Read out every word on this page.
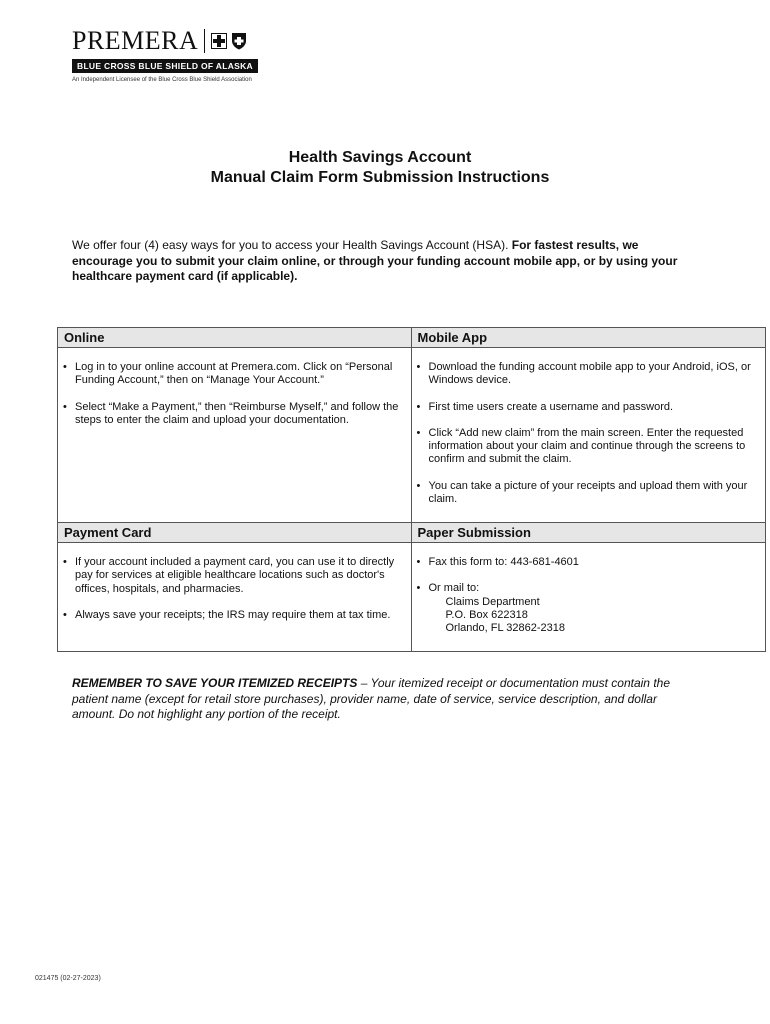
PREMERA
BLUE CROSS BLUE SHIELD OF ALASKA
An Independent Licensee of the Blue Cross Blue Shield Association
Health Savings Account
Manual Claim Form Submission Instructions
We offer four (4) easy ways for you to access your Health Savings Account (HSA). For fastest results, we encourage you to submit your claim online, or through your funding account mobile app, or by using your healthcare payment card (if applicable).
Online
• Log in to your online account at Premera.com. Click on “Personal Funding Account,” then on “Manage Your Account.”
• Select “Make a Payment,” then “Reimburse Myself,” and follow the steps to enter the claim and upload your documentation.
Mobile App
• Download the funding account mobile app to your Android, iOS, or Windows device.
• First time users create a username and password.
• Click “Add new claim” from the main screen. Enter the requested information about your claim and continue through the screens to confirm and submit the claim.
• You can take a picture of your receipts and upload them with your claim.
Payment Card
• If your account included a payment card, you can use it to directly pay for services at eligible healthcare locations such as doctor's offices, hospitals, and pharmacies.
• Always save your receipts; the IRS may require them at tax time.
Paper Submission
• Fax this form to: 443-681-4601
• Or mail to:
Claims Department
P.O. Box 622318
Orlando, FL 32862-2318
REMEMBER TO SAVE YOUR ITEMIZED RECEIPTS – Your itemized receipt or documentation must contain the patient name (except for retail store purchases), provider name, date of service, service description, and dollar amount. Do not highlight any portion of the receipt.
021475 (02-27-2023)
